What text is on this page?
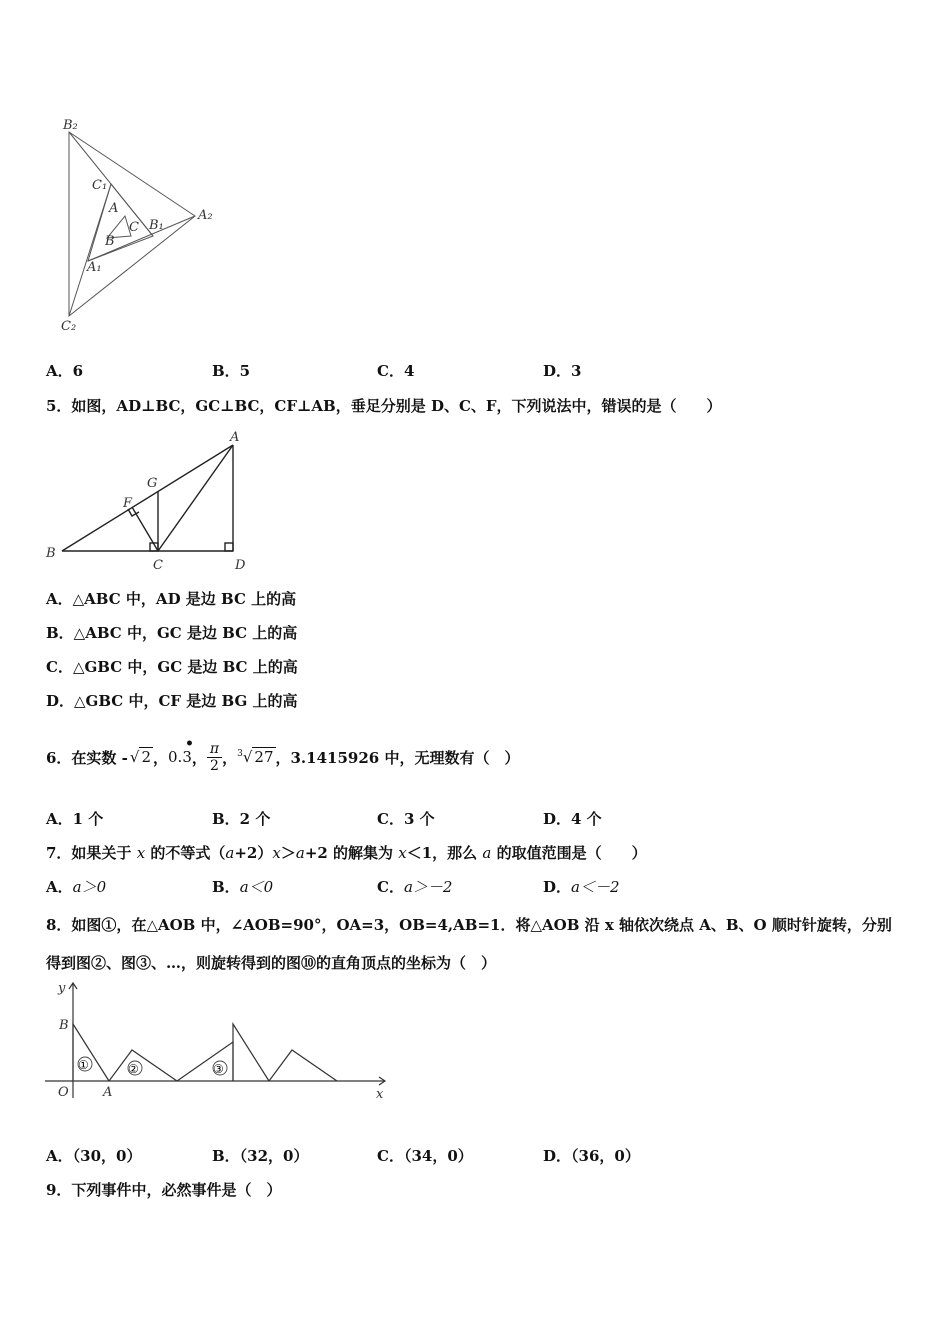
B₂
C₁
A
C B₁
A₂
B
A₁
C₂
A．6	B．5	C．4	D．3
5．如图，AD⊥BC，GC⊥BC，CF⊥AB，垂足分别是 D、C、F，下列说法中，错误的是（　　）
A
G
F
B
C	D
A．△ABC 中，AD 是边 BC 上的高
B．△ABC 中，GC 是边 BC 上的高
C．△GBC 中，GC 是边 BC 上的高
D．△GBC 中，CF 是边 BG 上的高
6．在实数 - √ 2 ， 0.3
•
， $\frac{\pi}{2}$ ， $^3$√ 27 ，3.1415926 中，无理数有（　）
A．1 个	B．2 个	C．3 个	D．4 个
7．如果关于 x 的不等式（a+2）x＞a+2 的解集为 x＜1，那么 a 的取值范围是（　　）
A．a＞0	B．a＜0	C．a＞－2	D．a＜－2
8．如图①，在△AOB 中，∠AOB=90°，OA=3，OB=4,AB=1．将△AOB 沿 x 轴依次绕点 A、B、O 顺时针旋转，分别
得到图②、图③、…，则旋转得到的图⑩的直角顶点的坐标为（　）
①	②	③
y
B
O	A	x
A．（30，0）	B．（32，0）	C．（34，0）	D．（36，0）
9．下列事件中，必然事件是（　）
